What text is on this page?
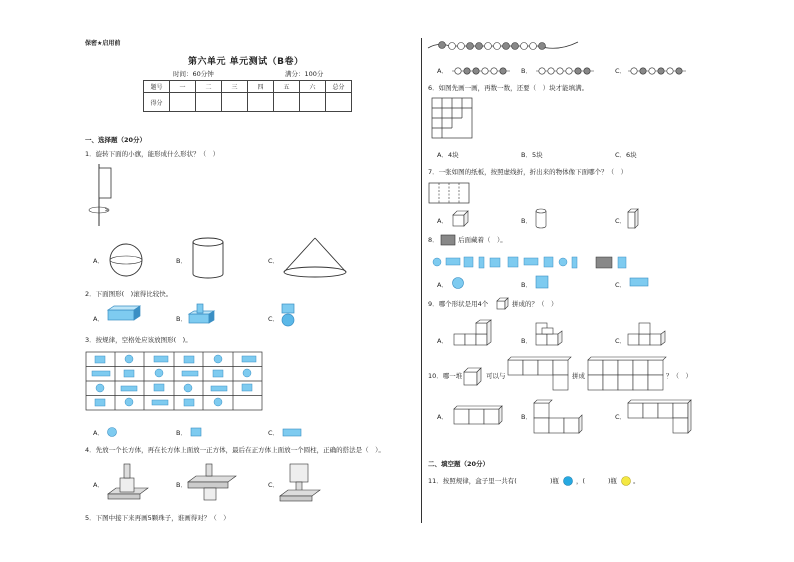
保密★启用前
第六单元 单元测试（B卷）
时间：60分钟	满分：100分
题号	一	二	三	四	五	六	总分
得分							
一、选择题（20分）
1．旋转下面的小旗，能形成什么形状？（　）
A．	B．	C．
2．下面图形(　)滚得比较快。
A．	B．	C．
3．按规律，空格处应该放图形(　)。
A．	B．	C．
4．先放一个长方体，再在长方体上面放一正方体，最后在正方体上面放一个圆柱，正确的搭法是（　）。
A．	B．	C．
5．下图中接下来再画5颗珠子，谁画得对？（　）
A．	B．	C．
6．如图先画一画，再数一数，还要（　）块才能填满。
A．4块	B．5块	C．6块
7．一张如图的纸板，按照虚线折，折出来的物体像下面哪个？（　）
A．	B．	C．
8．	后面藏着（　）。
A．	B．	C．
9．哪个形状是用4个	拼成的？（　）
A．	B．	C．
10．哪一堆	可以与	拼成	？（　）
A．	B．	C．
二、填空题（20分）
11．按照规律，盒子里一共有(	)瓶	，(	)瓶 。
